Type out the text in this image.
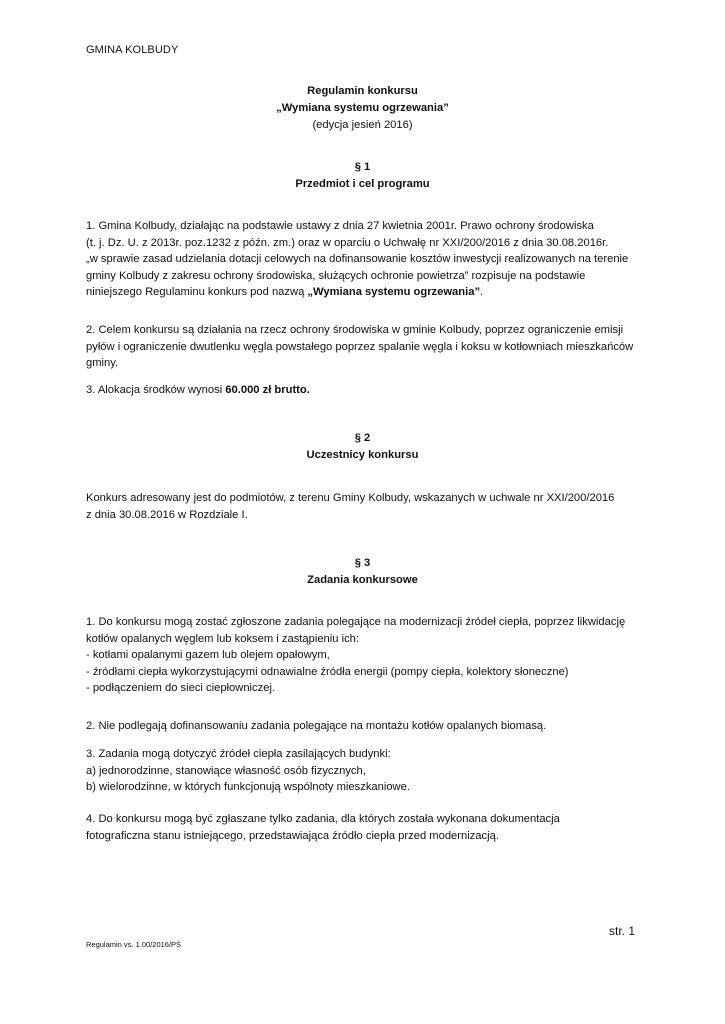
GMINA KOLBUDY
Regulamin konkursu
„Wymiana systemu ogrzewania”
(edycja jesień 2016)
§ 1
Przedmiot i cel programu
1. Gmina Kolbudy, działając na podstawie ustawy z dnia 27 kwietnia 2001r. Prawo ochrony środowiska
(t. j. Dz. U. z 2013r. poz.1232 z późn. zm.) oraz w oparciu o Uchwałę nr XXI/200/2016 z dnia 30.08.2016r.
„w sprawie zasad udzielania dotacji celowych na dofinansowanie kosztów inwestycji realizowanych na terenie
gminy Kolbudy z zakresu ochrony środowiska, służących ochronie powietrza” rozpisuje na podstawie
niniejszego Regulaminu konkurs pod nazwą „Wymiana systemu ogrzewania”.
2. Celem konkursu są działania na rzecz ochrony środowiska w gminie Kolbudy, poprzez ograniczenie emisji
pyłów i ograniczenie dwutlenku węgla powstałego poprzez spalanie węgla i koksu w kotłowniach mieszkańców
gminy.
3. Alokacja środków wynosi 60.000 zł brutto.
§ 2
Uczestnicy konkursu
Konkurs adresowany jest do podmiotów, z terenu Gminy Kolbudy, wskazanych w uchwale nr XXI/200/2016
z dnia 30.08.2016 w Rozdziale I.
§ 3
Zadania konkursowe
1. Do konkursu mogą zostać zgłoszone zadania polegające na modernizacji źródeł ciepła, poprzez likwidację
kotłów opalanych węglem lub koksem i zastąpieniu ich:
- kotłami opalanymi gazem lub olejem opałowym,
- źródłami ciepła wykorzystującymi odnawialne źródła energii (pompy ciepła, kolektory słoneczne)
- podłączeniem do sieci ciepłowniczej.
2. Nie podlegają dofinansowaniu zadania polegające na montażu kotłów opalanych biomasą.
3. Zadania mogą dotyczyć źródeł ciepła zasilających budynki:
a) jednorodzinne, stanowiące własność osób fizycznych,
b) wielorodzinne, w których funkcjonują wspólnoty mieszkaniowe.
4. Do konkursu mogą być zgłaszane tylko zadania, dla których została wykonana dokumentacja
fotograficzna stanu istniejącego, przedstawiająca źródło ciepła przed modernizacją.
str. 1
Regulamin vs. 1.00/2016/PŚ
